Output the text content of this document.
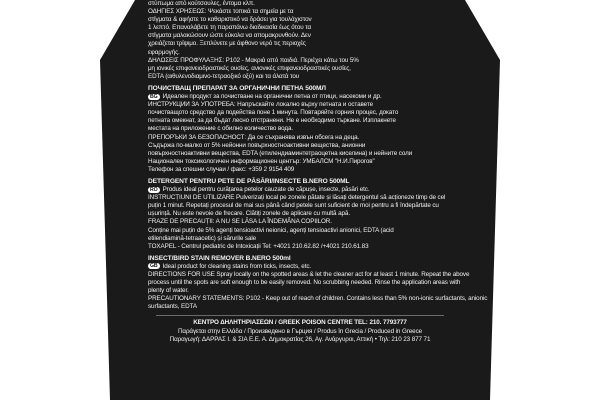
στύπωμα από κούτσουλες, έντομα κλπ.
ΟΔΗΓΙΕΣ ΧΡΗΣΕΩΣ: Ψεκάστε τοπικά τα σημεία με τα
στίγματα & αφήστε το καθαριστικό να δράσει για τουλάχιστον
1 λεπτό. Επαναλάβετε τη παραπάνω διαδικασία έως ότου τα
στίγματα μαλακώσουν ώστε εύκολα να απομακρυνθούν. Δεν
χρειάζεται τρίψιμο. Ξεπλύνετε με άφθονο νερό τις περιοχές
εφαρμογής.
ΔΗΛΩΣΕΙΣ ΠΡΟΦΥΛΑΞΗΣ: P102 - Μακριά από παιδιά. Περιέχει κάτω του 5%
μη ιονικές επιφανειοδραστικές ουσίες, ανιονικές επιφανειοδραστικές ουσίες,
EDTA (αιθυλενοδιαμινο-τετραοξικό οξύ) και τα άλατά του
ПОЧИСТВАЩ ПРЕПАРАТ ЗА ОРГАНИЧНИ ПЕТНА 500МЛ
BG Идеален продукт за почистване на органични петна от птици, насекоми и др.
ИНСТРУКЦИИ ЗА УПОТРЕБА: Напръскайте локално върху петната и оставете
почистващото средство да подейства поне 1 минута. Повтаряйте горния процес, докато
петната омекнат, за да бъдат лесно отстранени. Не е необходимо търкане. Изплакнете
местата на приложение с обилно количество вода.
ПРЕПОРЪКИ ЗА БЕЗОПАСНОСТ: Да се съхранява извън обсега на деца.
Съдържа по-малко от 5% нейонни повърхностноактивни вещества, анионни
повърхностноактивни вещества, EDTA (етилендиаминтетраоцетна киселина) и нейните соли
Национален токсикологичен информационен център: УМБАЛСМ "Н.И.Пирогов"
Телефон за спешни случаи / факс: +359 2 9154 409
DETERGENT PENTRU PETE DE PĂSĂRI/INSECTE B.NERO 500ML
RO Produs ideal pentru curățarea petelor cauzate de căpușe, insecte, păsări etc.
INSTRUCȚIUNI DE UTILIZARE Pulverizați local pe zonele pătate și lăsați detergentul să acționeze timp de cel
puțin 1 minut. Repetați procesul de mai sus până când petele sunt suficient de moi pentru a fi îndepărtate cu
ușurință. Nu este nevoie de frecare. Clătiți zonele de aplicare cu multă apă.
FRAZE DE PRECAUȚII: A NU SE LĂSA LA ÎNDEMÂNA COPIILOR.
Conține mai puțin de 5% agenți tensioactivi neionici, agenți tensioactivi anionici, EDTA (acid
etilendiamină-tetraacetic) și sărurile sale
TOXAPEL - Centrul pediatric de Intoxicații Tel: +4021 210.62.82 /+4021 210.61.83
INSECT/BIRD STAIN REMOVER B.NERO 500ml
GB Ideal product for cleaning stains from ticks, insects, etc.
DIRECTIONS FOR USE Spray locally on the spotted areas & let the cleaner act for at least 1 minute. Repeat the above
process until the spots are soft enough to be easily removed. No scrubbing needed. Rinse the application areas with
plenty of water.
PRECAUTIONARY STATEMENTS: P102 - Keep out of reach of children. Contains less than 5% non-ionic surfactants, anionic
surfactants, EDTA
ΚΕΝΤΡΟ ΔΗΛΗΤΗΡΙΑΣΕΩΝ / GREEK POISON CENTRE TEL: 210. 7793777
Παράγεται στην Ελλάδα / Произведено в Гърция / Produs în Grecia / Produced in Greece
Παραγωγή: ΔΑΡΡΑΣ Ι. & ΣΙΑ Ε.Ε. Α. Δημοκρατίας 26, Αγ. Ανάργυροι, Αττική • Τηλ: 210 23 877 71
